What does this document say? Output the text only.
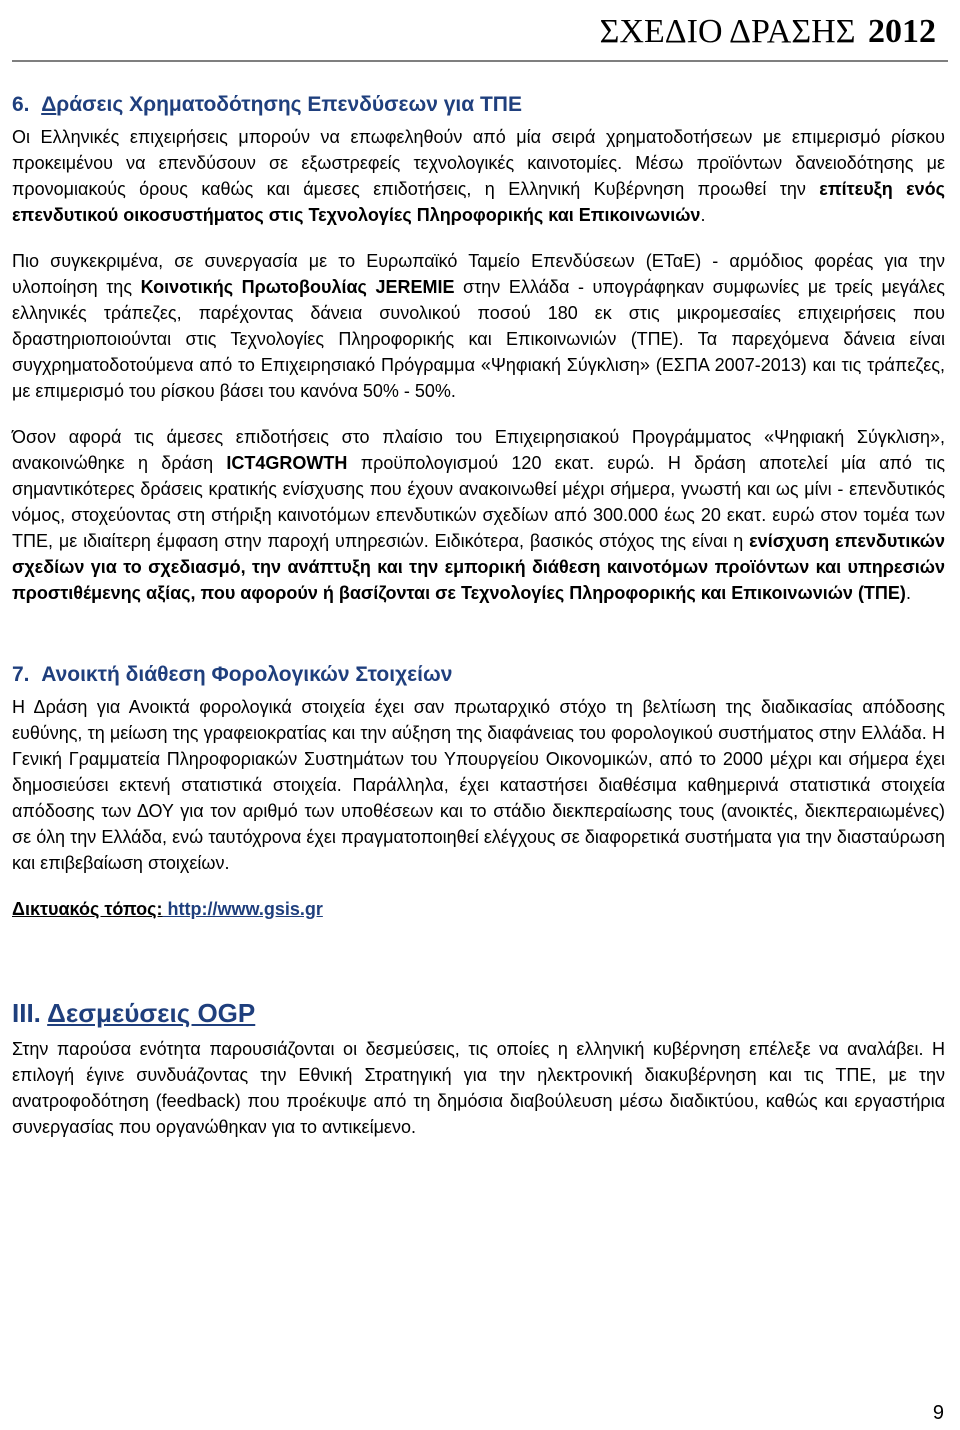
ΣΧΕΔΙΟ ΔΡΑΣΗΣ 2012
6. Δράσεις Χρηματοδότησης Επενδύσεων για ΤΠΕ

Οι Ελληνικές επιχειρήσεις μπορούν να επωφεληθούν από μία σειρά χρηματοδοτήσεων με επιμερισμό ρίσκου προκειμένου να επενδύσουν σε εξωστρεφείς τεχνολογικές καινοτομίες. Μέσω προϊόντων δανειοδότησης με προνομιακούς όρους καθώς και άμεσες επιδοτήσεις, η Ελληνική Κυβέρνηση προωθεί την επίτευξη ενός επενδυτικού οικοσυστήματος στις Τεχνολογίες Πληροφορικής και Επικοινωνιών.

Πιο συγκεκριμένα, σε συνεργασία με το Ευρωπαϊκό Ταμείο Επενδύσεων (ΕΤαΕ) - αρμόδιος φορέας για την υλοποίηση της Κοινοτικής Πρωτοβουλίας JEREMIE στην Ελλάδα - υπογράφηκαν συμφωνίες με τρείς μεγάλες ελληνικές τράπεζες, παρέχοντας δάνεια συνολικού ποσού 180 εκ στις μικρομεσαίες επιχειρήσεις που δραστηριοποιούνται στις Τεχνολογίες Πληροφορικής και Επικοινωνιών (ΤΠΕ). Τα παρεχόμενα δάνεια είναι συγχρηματοδοτούμενα από το Επιχειρησιακό Πρόγραμμα «Ψηφιακή Σύγκλιση» (ΕΣΠΑ 2007-2013) και τις τράπεζες, με επιμερισμό του ρίσκου βάσει του κανόνα 50% - 50%.

Όσον αφορά τις άμεσες επιδοτήσεις στο πλαίσιο του Επιχειρησιακού Προγράμματος «Ψηφιακή Σύγκλιση», ανακοινώθηκε η δράση ICT4GROWTH προϋπολογισμού 120 εκατ. ευρώ. Η δράση αποτελεί μία από τις σημαντικότερες δράσεις κρατικής ενίσχυσης που έχουν ανακοινωθεί μέχρι σήμερα, γνωστή και ως μίνι - επενδυτικός νόμος, στοχεύοντας στη στήριξη καινοτόμων επενδυτικών σχεδίων από 300.000 έως 20 εκατ. ευρώ στον τομέα των ΤΠΕ, με ιδιαίτερη έμφαση στην παροχή υπηρεσιών. Ειδικότερα, βασικός στόχος της είναι η ενίσχυση επενδυτικών σχεδίων για το σχεδιασμό, την ανάπτυξη και την εμπορική διάθεση καινοτόμων προϊόντων και υπηρεσιών προστιθέμενης αξίας, που αφορούν ή βασίζονται σε Τεχνολογίες Πληροφορικής και Επικοινωνιών (ΤΠΕ).

7. Ανοικτή διάθεση Φορολογικών Στοιχείων

Η Δράση για Ανοικτά φορολογικά στοιχεία έχει σαν πρωταρχικό στόχο τη βελτίωση της διαδικασίας απόδοσης ευθύνης, τη μείωση της γραφειοκρατίας και την αύξηση της διαφάνειας του φορολογικού συστήματος στην Ελλάδα. Η Γενική Γραμματεία Πληροφοριακών Συστημάτων του Υπουργείου Οικονομικών, από το 2000 μέχρι και σήμερα έχει δημοσιεύσει εκτενή στατιστικά στοιχεία. Παράλληλα, έχει καταστήσει διαθέσιμα καθημερινά στατιστικά στοιχεία απόδοσης των ΔΟΥ για τον αριθμό των υποθέσεων και το στάδιο διεκπεραίωσης τους (ανοικτές, διεκπεραιωμένες) σε όλη την Ελλάδα, ενώ ταυτόχρονα έχει πραγματοποιηθεί ελέγχους σε διαφορετικά συστήματα για την διασταύρωση και επιβεβαίωση στοιχείων.

Δικτυακός τόπος: http://www.gsis.gr

ΙΙΙ. Δεσμεύσεις OGP

Στην παρούσα ενότητα παρουσιάζονται οι δεσμεύσεις, τις οποίες η ελληνική κυβέρνηση επέλεξε να αναλάβει. Η επιλογή έγινε συνδυάζοντας την Εθνική Στρατηγική για την ηλεκτρονική διακυβέρνηση και τις ΤΠΕ, με την ανατροφοδότηση (feedback) που προέκυψε από τη δημόσια διαβούλευση μέσω διαδικτύου, καθώς και εργαστήρια συνεργασίας που οργανώθηκαν για το αντικείμενο.

9
